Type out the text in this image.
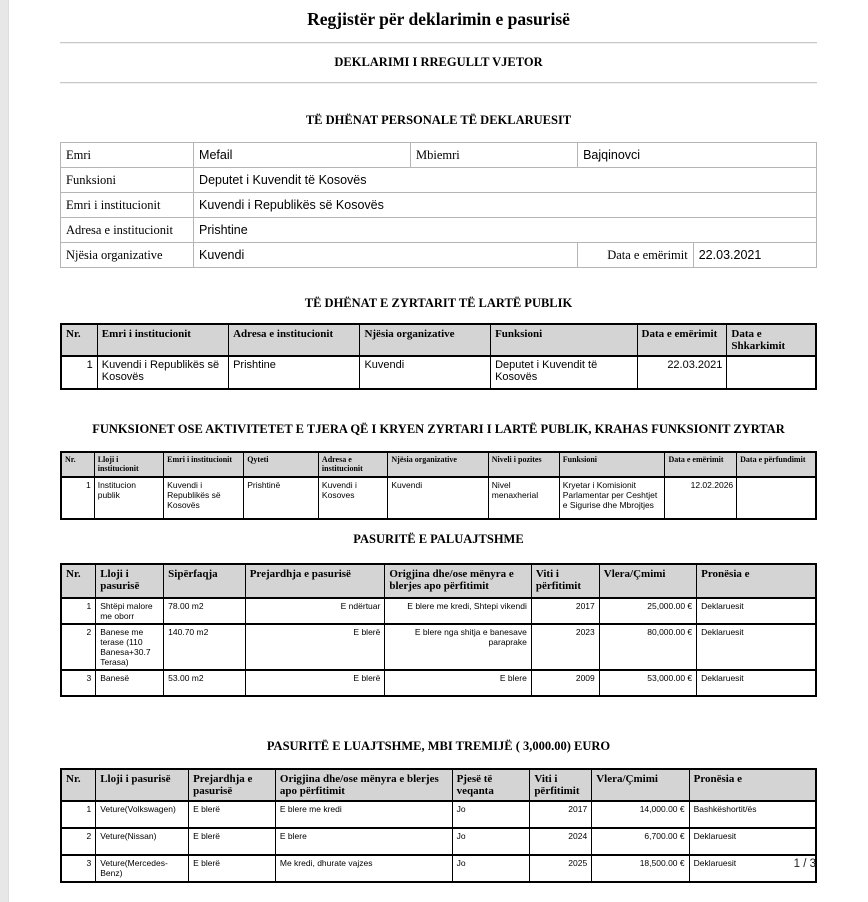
Regjistër për deklarimin e pasurisë
DEKLARIMI I RREGULLT VJETOR
TË DHËNAT PERSONALE TË DEKLARUESIT
Emri	Mefail	Mbiemri	Bajqinovci	
Funksioni	Deputet i Kuvendit të Kosovës			
Emri i institucionit	Kuvendi i Republikës së Kosovës			
Adresa e institucionit	Prishtine			
Njësia organizative	Kuvendi		Data e emërimit	22.03.2021
TË DHËNAT E ZYRTARIT TË LARTË PUBLIK
Nr.	Emri i institucionit	Adresa e institucionit	Njësia organizative	Funksioni	Data e emërimit	Data e Shkarkimit
1	Kuvendi i Republikës së Kosovës	Prishtine	Kuvendi	Deputet i Kuvendit të Kosovës	22.03.2021	
FUNKSIONET OSE AKTIVITETET E TJERA QË I KRYEN ZYRTARI I LARTË PUBLIK, KRAHAS FUNKSIONIT ZYRTAR
Nr.	Lloji i institucionit	Emri i institucionit	Qyteti	Adresa e institucionit	Njësia organizative	Niveli i pozites	Funksioni	Data e emërimit	Data e përfundimit
1	Institucion publik	Kuvendi i Republikës së Kosovës	Prishtinë	Kuvendi i Kosoves	Kuvendi	Nivel menaxherial	Kryetar i Komisionit Parlamentar per Ceshtjet e Sigurise dhe Mbrojtjes	12.02.2026	
PASURITË E PALUAJTSHME
Nr.	Lloji i pasurisë	Sipërfaqja	Prejardhja e pasurisë	Origjina dhe/ose mënyra e blerjes apo përfitimit	Viti i përfitimit	Vlera/Çmimi	Pronësia e
1	Shtëpi malore me oborr	78.00 m2	E ndërtuar	E blere me kredi, Shtepi vikendi	2017	25,000.00 €	Deklaruesit
2	Banese me terase (110 Banesa+30.7 Terasa)	140.70 m2	E blerë	E blere nga shitja e banesave paraprake	2023	80,000.00 €	Deklaruesit
3	Banesë	53.00 m2	E blerë	E blere	2009	53,000.00 €	Deklaruesit
PASURITË E LUAJTSHME, MBI TREMIJË ( 3,000.00) EURO
Nr.	Lloji i pasurisë	Prejardhja e pasurisë	Origjina dhe/ose mënyra e blerjes apo përfitimit	Pjesë të veqanta	Viti i përfitimit	Vlera/Çmimi	Pronësia e
1	Veture(Volkswagen)	E blerë	E blere me kredi	Jo	2017	14,000.00 €	Bashkëshortit/ës
2	Veture(Nissan)	E blerë	E blere	Jo	2024	6,700.00 €	Deklaruesit
3	Veture(Mercedes-Benz)	E blerë	Me kredi, dhurate vajzes	Jo	2025	18,500.00 €	Deklaruesit	1 / 3
